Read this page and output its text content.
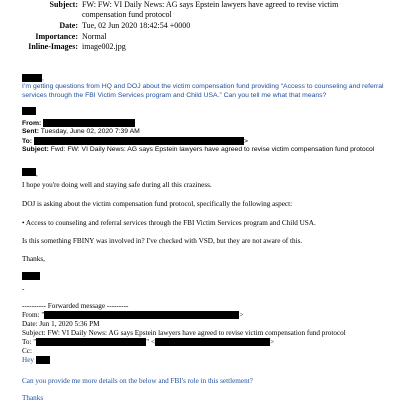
Subject: FW: FW: VI Daily News: AG says Epstein lawyers have agreed to revise victim
compensation fund protocol
Date: Tue, 02 Jun 2020 18:42:54 +0000
Importance: Normal
Inline-Images: image002.jpg
,
I’m getting questions from HQ and DOJ about the victim compensation fund providing “Access to counseling and referral
services through the FBI Victim Services program and Child USA.” Can you tell me what that means?
From:
Sent: Tuesday, June 02, 2020 7:39 AM
To:	>
Subject: Fwd: FW: VI Daily News: AG says Epstein lawyers have agreed to revise victim compensation fund protocol
,
I hope you're doing well and staying safe during all this craziness.
DOJ is asking about the victim compensation fund protocol, specifically the following aspect:
• Access to counseling and referral services through the FBI Victim Services program and Child USA.
Is this something FBINY was involved in? I've checked with VSD, but they are not aware of this.
Thanks,
-
---------- Forwarded message ---------
From: "	>
Date: Jun 1, 2020 5:36 PM
Subject: FW: VI Daily News: AG says Epstein lawyers have agreed to revise victim compensation fund protocol
To: "	" <	>
Cc:
Hey
Can you provide me more details on the below and FBI's role in this settlement?
Thanks
